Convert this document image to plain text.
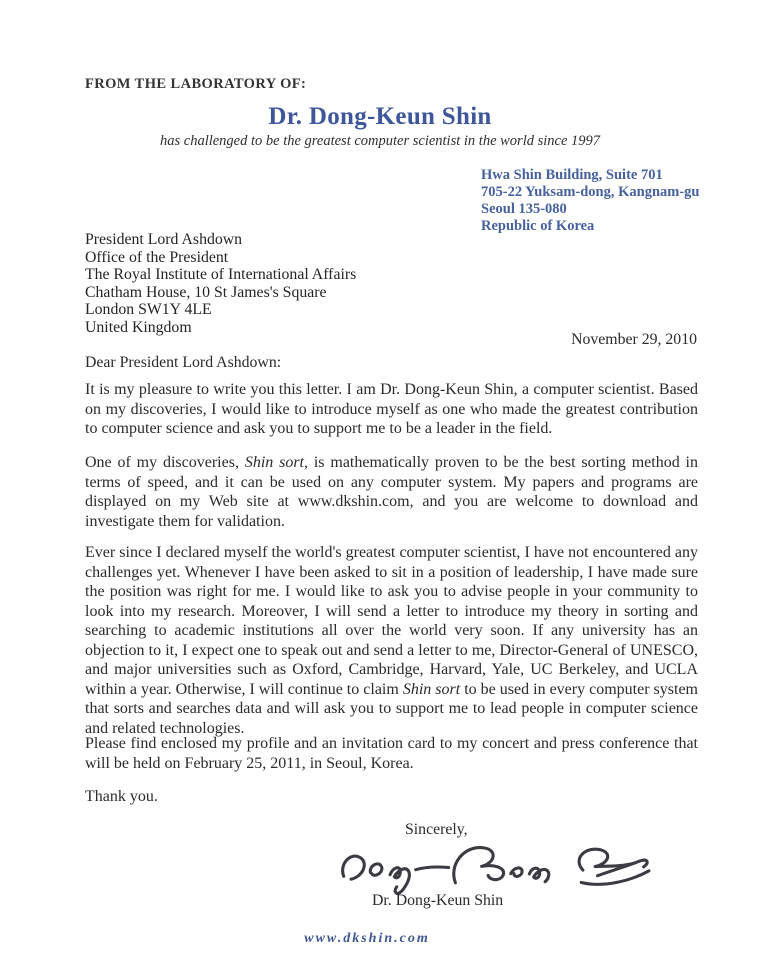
FROM THE LABORATORY OF:
Dr. Dong-Keun Shin
has challenged to be the greatest computer scientist in the world since 1997
Hwa Shin Building, Suite 701
705-22 Yuksam-dong, Kangnam-gu
Seoul 135-080
Republic of Korea
President Lord Ashdown
Office of the President
The Royal Institute of International Affairs
Chatham House, 10 St James's Square
London SW1Y 4LE
United Kingdom
November 29, 2010
Dear President Lord Ashdown:
It is my pleasure to write you this letter. I am Dr. Dong-Keun Shin, a computer scientist. Based on my discoveries, I would like to introduce myself as one who made the greatest contribution to computer science and ask you to support me to be a leader in the field.
One of my discoveries, Shin sort, is mathematically proven to be the best sorting method in terms of speed, and it can be used on any computer system. My papers and programs are displayed on my Web site at www.dkshin.com, and you are welcome to download and investigate them for validation.
Ever since I declared myself the world's greatest computer scientist, I have not encountered any challenges yet. Whenever I have been asked to sit in a position of leadership, I have made sure the position was right for me. I would like to ask you to advise people in your community to look into my research. Moreover, I will send a letter to introduce my theory in sorting and searching to academic institutions all over the world very soon. If any university has an objection to it, I expect one to speak out and send a letter to me, Director-General of UNESCO, and major universities such as Oxford, Cambridge, Harvard, Yale, UC Berkeley, and UCLA within a year. Otherwise, I will continue to claim Shin sort to be used in every computer system that sorts and searches data and will ask you to support me to lead people in computer science and related technologies.
Please find enclosed my profile and an invitation card to my concert and press conference that will be held on February 25, 2011, in Seoul, Korea.
Thank you.
Sincerely,
Dr. Dong-Keun Shin
www.dkshin.com
